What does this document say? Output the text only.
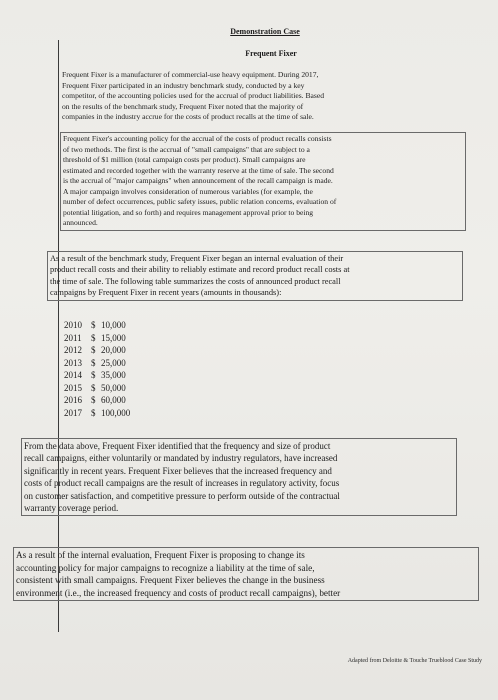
Demonstration Case
Frequent Fixer
Frequent Fixer is a manufacturer of commercial-use heavy equipment. During 2017,
Frequent Fixer participated in an industry benchmark study, conducted by a key
competitor, of the accounting policies used for the accrual of product liabilities. Based
on the results of the benchmark study, Frequent Fixer noted that the majority of
companies in the industry accrue for the costs of product recalls at the time of sale.
Frequent Fixer's accounting policy for the accrual of the costs of product recalls consists
of two methods. The first is the accrual of "small campaigns" that are subject to a
threshold of $1 million (total campaign costs per product). Small campaigns are
estimated and recorded together with the warranty reserve at the time of sale. The second
is the accrual of "major campaigns" when announcement of the recall campaign is made.
A major campaign involves consideration of numerous variables (for example, the
number of defect occurrences, public safety issues, public relation concerns, evaluation of
potential litigation, and so forth) and requires management approval prior to being
announced.
As a result of the benchmark study, Frequent Fixer began an internal evaluation of their
product recall costs and their ability to reliably estimate and record product recall costs at
the time of sale. The following table summarizes the costs of announced product recall
campaigns by Frequent Fixer in recent years (amounts in thousands):
2010	$ 10,000
2011	$ 15,000
2012	$ 20,000
2013	$ 25,000
2014	$ 35,000
2015	$ 50,000
2016	$ 60,000
2017	$ 100,000
From the data above, Frequent Fixer identified that the frequency and size of product
recall campaigns, either voluntarily or mandated by industry regulators, have increased
significantly in recent years. Frequent Fixer believes that the increased frequency and
costs of product recall campaigns are the result of increases in regulatory activity, focus
on customer satisfaction, and competitive pressure to perform outside of the contractual
warranty coverage period.
As a result of the internal evaluation, Frequent Fixer is proposing to change its
accounting policy for major campaigns to recognize a liability at the time of sale,
consistent with small campaigns. Frequent Fixer believes the change in the business
environment (i.e., the increased frequency and costs of product recall campaigns), better
Adapted from Deloitte & Touche Trueblood Case Study
